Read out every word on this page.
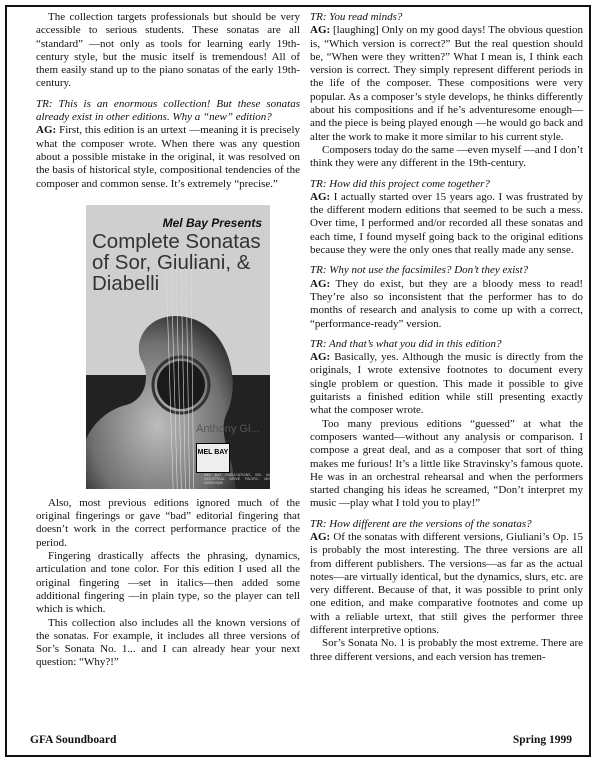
The collection targets professionals but should be very accessible to serious students. These sonatas are all “standard” —not only as tools for learning early 19th-century style, but the music itself is tremendous! All of them easily stand up to the piano sonatas of the early 19th-century.

TR: This is an enormous collection! But these sonatas already exist in other editions. Why a “new” edition?

AG: First, this edition is an urtext —meaning it is precisely what the composer wrote. When there was any question about a possible mistake in the original, it was resolved on the basis of historical style, compositional tendencies of the composer and common sense. It’s extremely “precise.”

Mel Bay Presents
Complete Sonatas of Sor, Giuliani, & Diabelli
Anthony Gl...
MEL BAY
MEL BAY PUBLICATIONS, INC. #4 INDUSTRIAL DRIVE PACIFIC, MO 63069-0066

Also, most previous editions ignored much of the original fingerings or gave “bad” editorial fingering that doesn’t work in the correct performance practice of the period.

Fingering drastically affects the phrasing, dynamics, articulation and tone color. For this edition I used all the original fingering —set in italics—then added some additional fingering —in plain type, so the player can tell which is which.

This collection also includes all the known versions of the sonatas. For example, it includes all three versions of Sor’s Sonata No. 1... and I can already hear your next question: “Why?!”

TR: You read minds?

AG: [laughing] Only on my good days! The obvious question is, “Which version is correct?” But the real question should be, “When were they written?” What I mean is, I think each version is correct. They simply represent different periods in the life of the composer. These compositions were very popular. As a composer’s style develops, he thinks differently about his compositions and if he’s adventuresome enough—and the piece is being played enough —he would go back and alter the work to make it more similar to his current style.

Composers today do the same —even myself —and I don’t think they were any different in the 19th-century.

TR: How did this project come together?

AG: I actually started over 15 years ago. I was frustrated by the different modern editions that seemed to be such a mess. Over time, I performed and/or recorded all these sonatas and each time, I found myself going back to the original editions because they were the only ones that really made any sense.

TR: Why not use the facsimiles? Don’t they exist?

AG: They do exist, but they are a bloody mess to read! They’re also so inconsistent that the performer has to do months of research and analysis to come up with a correct, “performance-ready” version.

TR: And that’s what you did in this edition?

AG: Basically, yes. Although the music is directly from the originals, I wrote extensive footnotes to document every single problem or question. This made it possible to give guitarists a finished edition while still presenting exactly what the composer wrote.

Too many previous editions “guessed” at what the composers wanted—without any analysis or comparison. I compose a great deal, and as a composer that sort of thing makes me furious! It’s a little like Stravinsky’s famous quote. He was in an orchestral rehearsal and when the performers started changing his ideas he screamed, “Don’t interpret my music —play what I told you to play!”

TR: How different are the versions of the sonatas?

AG: Of the sonatas with different versions, Giuliani’s Op. 15 is probably the most interesting. The three versions are all from different publishers. The versions—as far as the actual notes—are virtually identical, but the dynamics, slurs, etc. are very different. Because of that, it was possible to print only one edition, and make comparative footnotes and come up with a reliable urtext, that still gives the performer three different interpretive options.

Sor’s Sonata No. 1 is probably the most extreme. There are three different versions, and each version has tremen-

GFA Soundboard	Spring 1999
